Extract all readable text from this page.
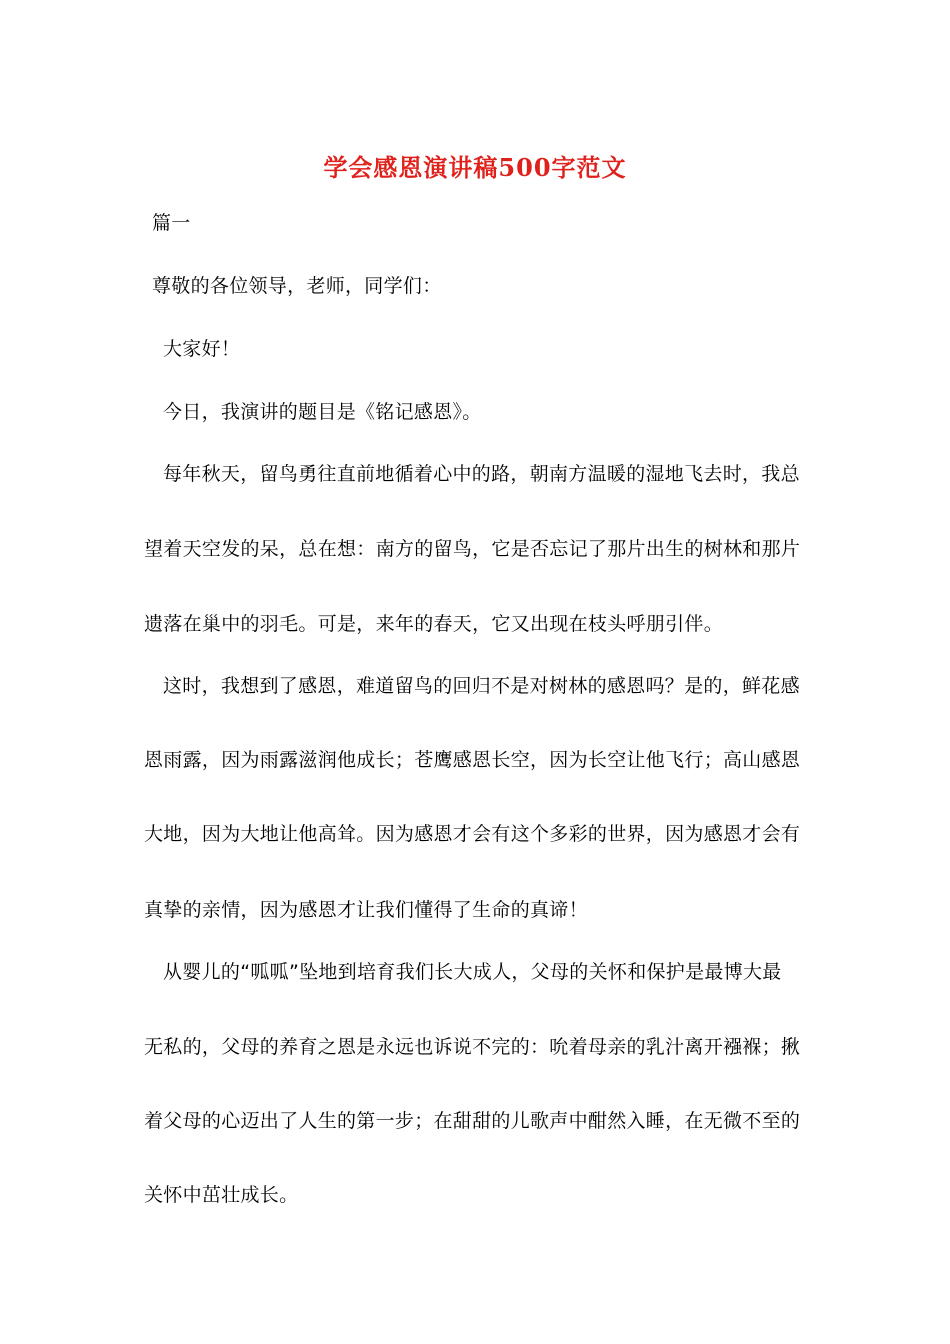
学会感恩演讲稿500字范文
篇一
尊敬的各位领导，老师，同学们：
大家好！
今日，我演讲的题目是《铭记感恩》。
每年秋天，留鸟勇往直前地循着心中的路，朝南方温暖的湿地飞去时，我总
望着天空发的呆，总在想：南方的留鸟，它是否忘记了那片出生的树林和那片
遗落在巢中的羽毛。可是，来年的春天，它又出现在枝头呼朋引伴。
这时，我想到了感恩，难道留鸟的回归不是对树林的感恩吗？是的，鲜花感
恩雨露，因为雨露滋润他成长；苍鹰感恩长空，因为长空让他飞行；高山感恩
大地，因为大地让他高耸。因为感恩才会有这个多彩的世界，因为感恩才会有
真挚的亲情，因为感恩才让我们懂得了生命的真谛！
从婴儿的“呱呱”坠地到培育我们长大成人，父母的关怀和保护是最博大最
无私的，父母的养育之恩是永远也诉说不完的：吮着母亲的乳汁离开襁褓；揪
着父母的心迈出了人生的第一步；在甜甜的儿歌声中酣然入睡，在无微不至的
关怀中茁壮成长。
